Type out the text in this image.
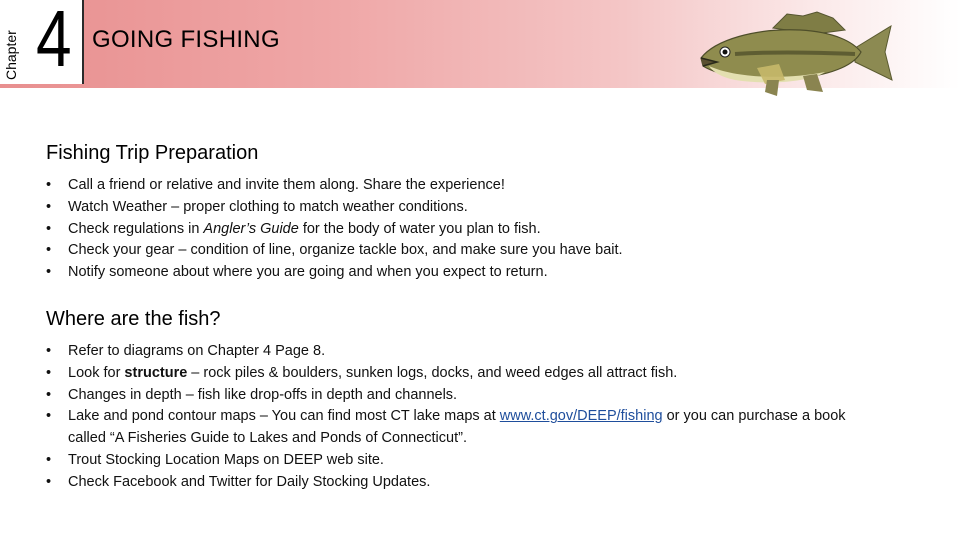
Chapter 4 GOING FISHING
Fishing Trip Preparation
• Call a friend or relative and invite them along. Share the experience!
• Watch Weather – proper clothing to match weather conditions.
• Check regulations in Angler’s Guide for the body of water you plan to fish.
• Check your gear – condition of line, organize tackle box, and make sure you have bait.
• Notify someone about where you are going and when you expect to return.
Where are the fish?
• Refer to diagrams on Chapter 4 Page 8.
• Look for structure – rock piles & boulders, sunken logs, docks, and weed edges all attract fish.
• Changes in depth – fish like drop-offs in depth and channels.
• Lake and pond contour maps – You can find most CT lake maps at www.ct.gov/DEEP/fishing or you can purchase a book called “A Fisheries Guide to Lakes and Ponds of Connecticut”.
• Trout Stocking Location Maps on DEEP web site.
• Check Facebook and Twitter for Daily Stocking Updates.
